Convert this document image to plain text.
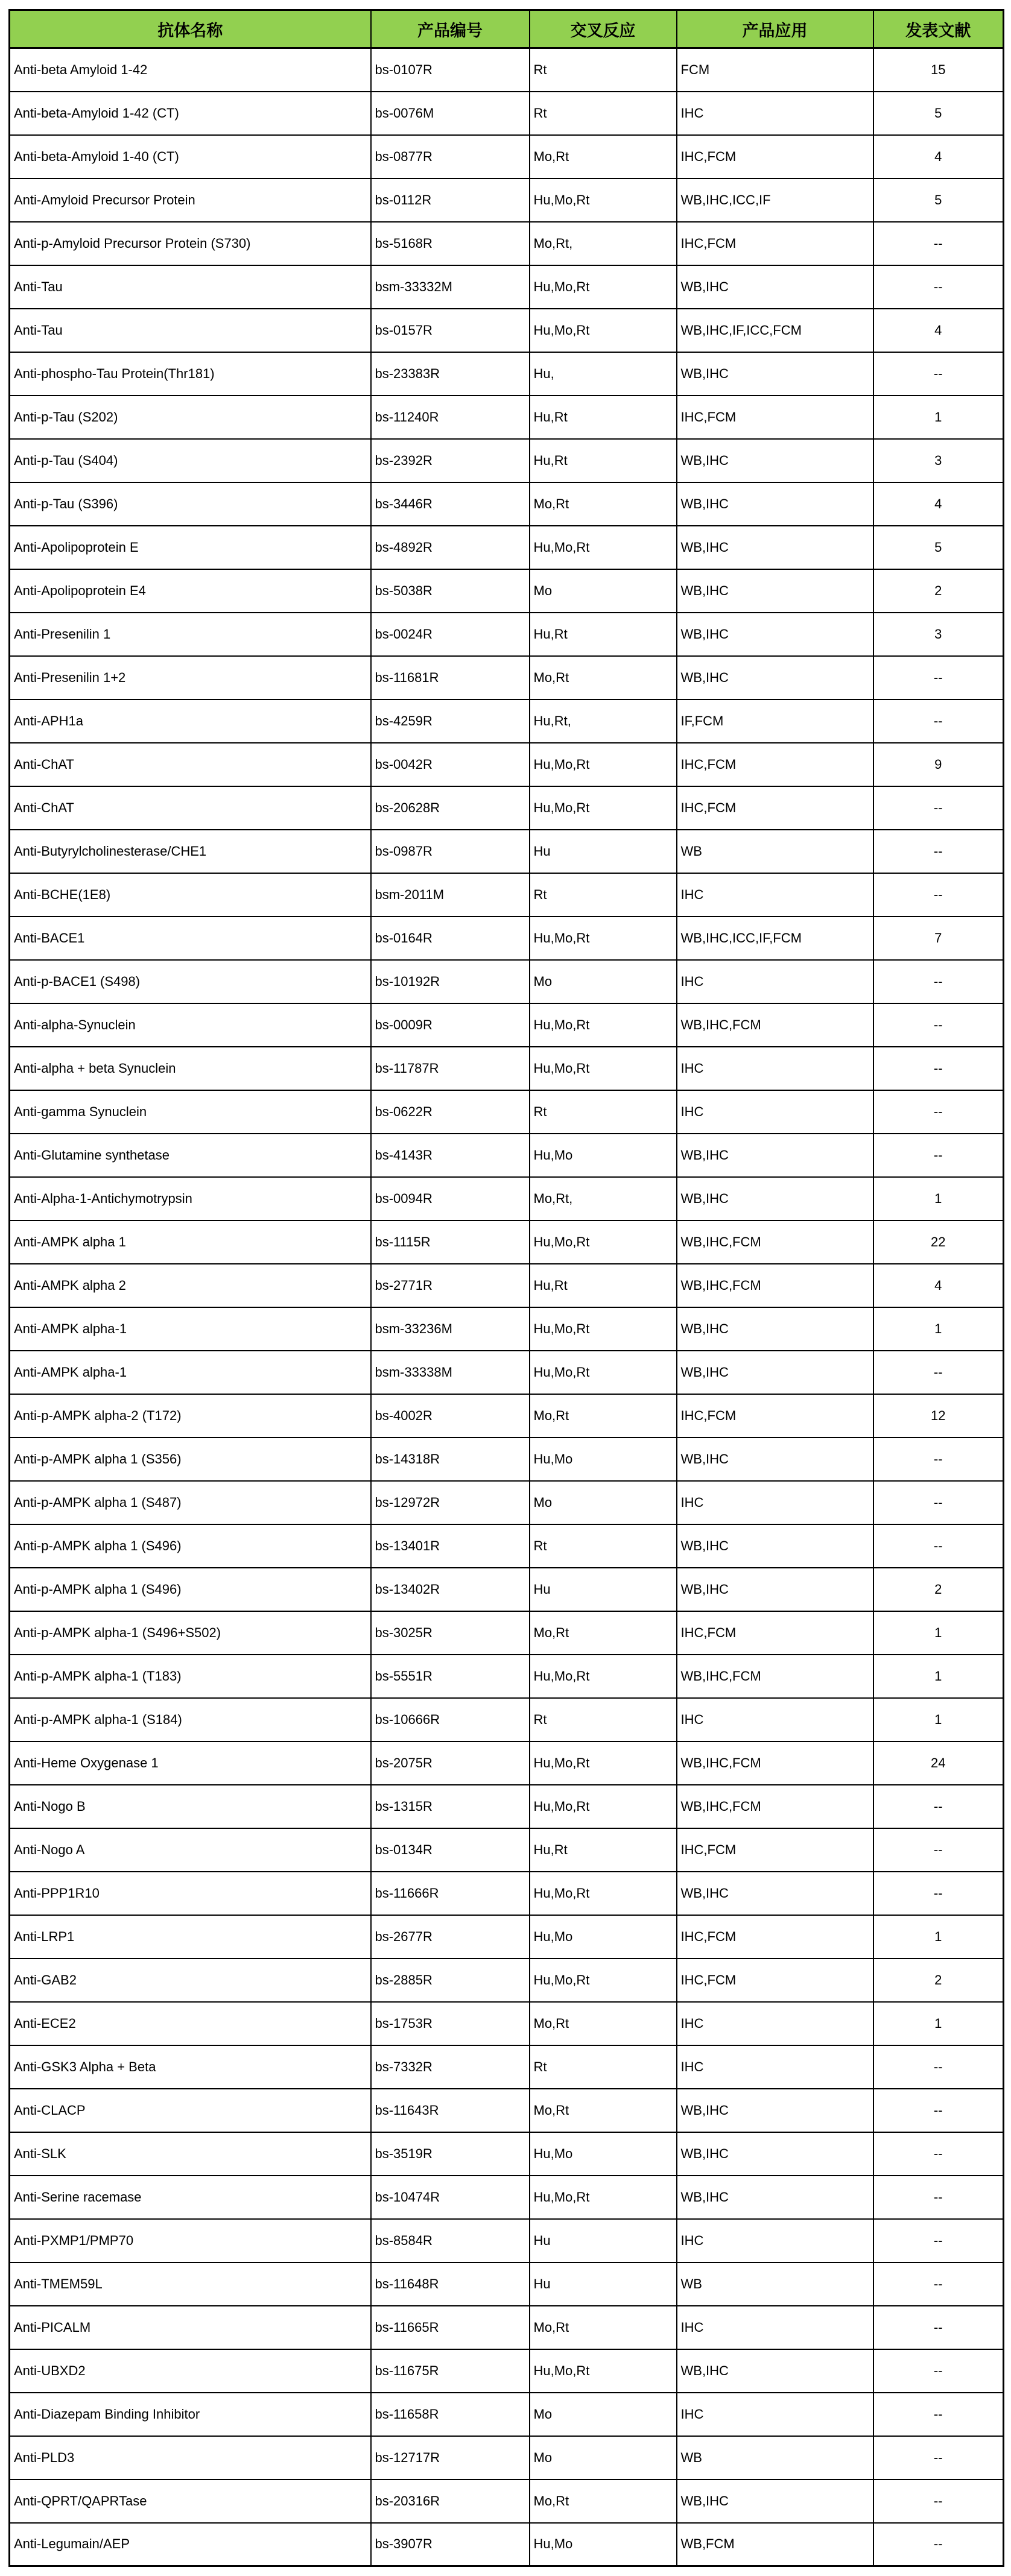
抗体名称	产品编号	交叉反应	产品应用	发表文献
Anti-beta Amyloid 1-42	bs-0107R	Rt	FCM	15
Anti-beta-Amyloid 1-42 (CT)	bs-0076M	Rt	IHC	5
Anti-beta-Amyloid 1-40 (CT)	bs-0877R	Mo,Rt	IHC,FCM	4
Anti-Amyloid Precursor Protein	bs-0112R	Hu,Mo,Rt	WB,IHC,ICC,IF	5
Anti-p-Amyloid Precursor Protein (S730)	bs-5168R	Mo,Rt,	IHC,FCM	--
Anti-Tau	bsm-33332M	Hu,Mo,Rt	WB,IHC	--
Anti-Tau	bs-0157R	Hu,Mo,Rt	WB,IHC,IF,ICC,FCM	4
Anti-phospho-Tau Protein(Thr181)	bs-23383R	Hu,	WB,IHC	--
Anti-p-Tau (S202)	bs-11240R	Hu,Rt	IHC,FCM	1
Anti-p-Tau (S404)	bs-2392R	Hu,Rt	WB,IHC	3
Anti-p-Tau (S396)	bs-3446R	Mo,Rt	WB,IHC	4
Anti-Apolipoprotein E	bs-4892R	Hu,Mo,Rt	WB,IHC	5
Anti-Apolipoprotein E4	bs-5038R	Mo	WB,IHC	2
Anti-Presenilin 1	bs-0024R	Hu,Rt	WB,IHC	3
Anti-Presenilin 1+2	bs-11681R	Mo,Rt	WB,IHC	--
Anti-APH1a	bs-4259R	Hu,Rt,	IF,FCM	--
Anti-ChAT	bs-0042R	Hu,Mo,Rt	IHC,FCM	9
Anti-ChAT	bs-20628R	Hu,Mo,Rt	IHC,FCM	--
Anti-Butyrylcholinesterase/CHE1	bs-0987R	Hu	WB	--
Anti-BCHE(1E8)	bsm-2011M	Rt	IHC	--
Anti-BACE1	bs-0164R	Hu,Mo,Rt	WB,IHC,ICC,IF,FCM	7
Anti-p-BACE1 (S498)	bs-10192R	Mo	IHC	--
Anti-alpha-Synuclein	bs-0009R	Hu,Mo,Rt	WB,IHC,FCM	--
Anti-alpha + beta Synuclein	bs-11787R	Hu,Mo,Rt	IHC	--
Anti-gamma Synuclein	bs-0622R	Rt	IHC	--
Anti-Glutamine synthetase	bs-4143R	Hu,Mo	WB,IHC	--
Anti-Alpha-1-Antichymotrypsin	bs-0094R	Mo,Rt,	WB,IHC	1
Anti-AMPK alpha 1	bs-1115R	Hu,Mo,Rt	WB,IHC,FCM	22
Anti-AMPK alpha 2	bs-2771R	Hu,Rt	WB,IHC,FCM	4
Anti-AMPK alpha-1	bsm-33236M	Hu,Mo,Rt	WB,IHC	1
Anti-AMPK alpha-1	bsm-33338M	Hu,Mo,Rt	WB,IHC	--
Anti-p-AMPK alpha-2 (T172)	bs-4002R	Mo,Rt	IHC,FCM	12
Anti-p-AMPK alpha 1 (S356)	bs-14318R	Hu,Mo	WB,IHC	--
Anti-p-AMPK alpha 1 (S487)	bs-12972R	Mo	IHC	--
Anti-p-AMPK alpha 1 (S496)	bs-13401R	Rt	WB,IHC	--
Anti-p-AMPK alpha 1 (S496)	bs-13402R	Hu	WB,IHC	2
Anti-p-AMPK alpha-1 (S496+S502)	bs-3025R	Mo,Rt	IHC,FCM	1
Anti-p-AMPK alpha-1 (T183)	bs-5551R	Hu,Mo,Rt	WB,IHC,FCM	1
Anti-p-AMPK alpha-1 (S184)	bs-10666R	Rt	IHC	1
Anti-Heme Oxygenase 1	bs-2075R	Hu,Mo,Rt	WB,IHC,FCM	24
Anti-Nogo B	bs-1315R	Hu,Mo,Rt	WB,IHC,FCM	--
Anti-Nogo A	bs-0134R	Hu,Rt	IHC,FCM	--
Anti-PPP1R10	bs-11666R	Hu,Mo,Rt	WB,IHC	--
Anti-LRP1	bs-2677R	Hu,Mo	IHC,FCM	1
Anti-GAB2	bs-2885R	Hu,Mo,Rt	IHC,FCM	2
Anti-ECE2	bs-1753R	Mo,Rt	IHC	1
Anti-GSK3 Alpha + Beta	bs-7332R	Rt	IHC	--
Anti-CLACP	bs-11643R	Mo,Rt	WB,IHC	--
Anti-SLK	bs-3519R	Hu,Mo	WB,IHC	--
Anti-Serine racemase	bs-10474R	Hu,Mo,Rt	WB,IHC	--
Anti-PXMP1/PMP70	bs-8584R	Hu	IHC	--
Anti-TMEM59L	bs-11648R	Hu	WB	--
Anti-PICALM	bs-11665R	Mo,Rt	IHC	--
Anti-UBXD2	bs-11675R	Hu,Mo,Rt	WB,IHC	--
Anti-Diazepam Binding Inhibitor	bs-11658R	Mo	IHC	--
Anti-PLD3	bs-12717R	Mo	WB	--
Anti-QPRT/QAPRTase	bs-20316R	Mo,Rt	WB,IHC	--
Anti-Legumain/AEP	bs-3907R	Hu,Mo	WB,FCM	--
